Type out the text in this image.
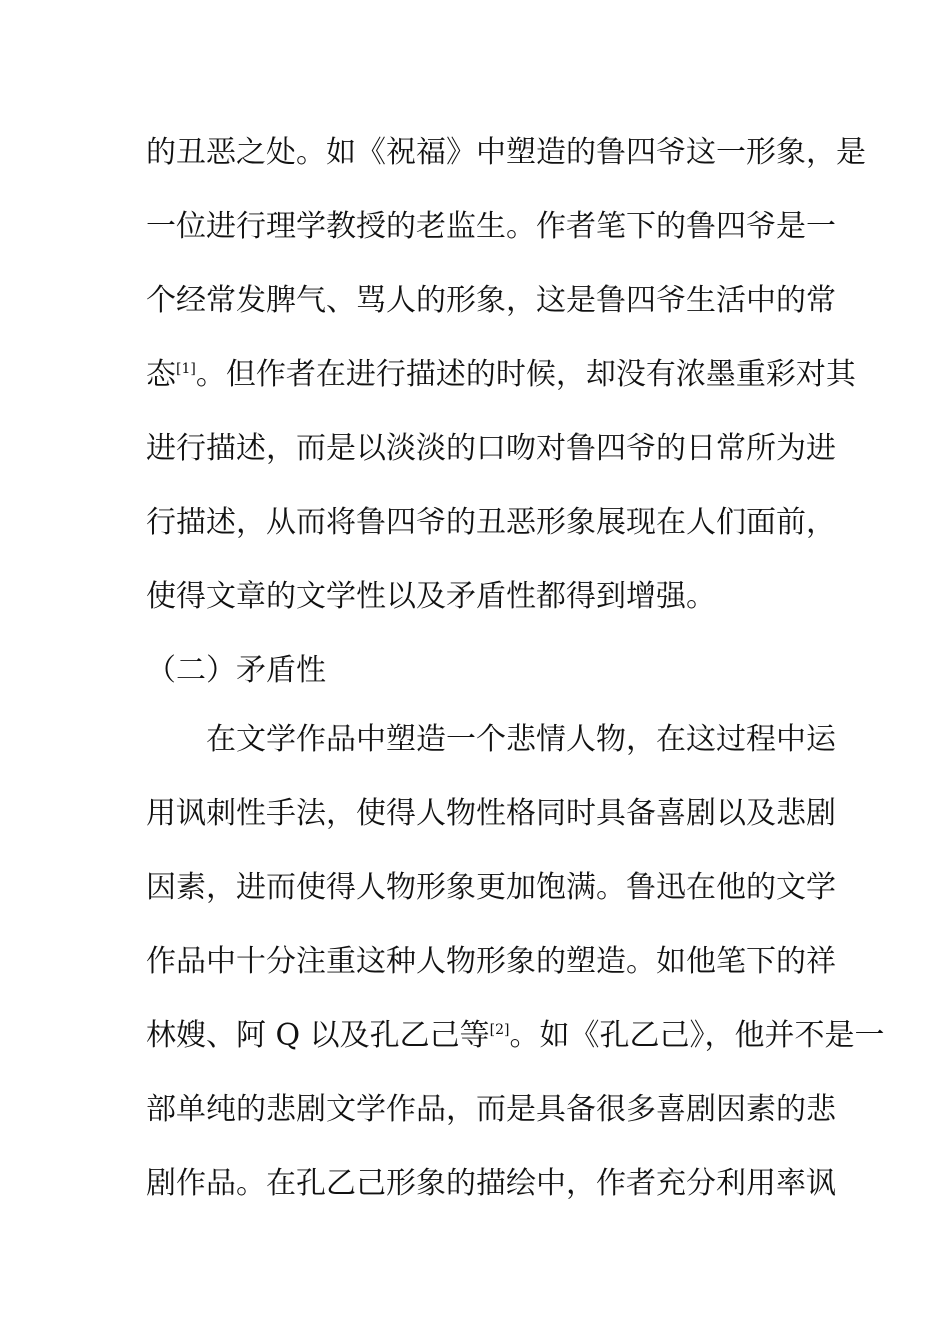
的丑恶之处。如《祝福》中塑造的鲁四爷这一形象，是
一位进行理学教授的老监生。作者笔下的鲁四爷是一
个经常发脾气、骂人的形象，这是鲁四爷生活中的常
态[1]。但作者在进行描述的时候，却没有浓墨重彩对其
进行描述，而是以淡淡的口吻对鲁四爷的日常所为进
行描述，从而将鲁四爷的丑恶形象展现在人们面前，
使得文章的文学性以及矛盾性都得到增强。
（二）矛盾性
在文学作品中塑造一个悲情人物，在这过程中运
用讽刺性手法，使得人物性格同时具备喜剧以及悲剧
因素，进而使得人物形象更加饱满。鲁迅在他的文学
作品中十分注重这种人物形象的塑造。如他笔下的祥
林嫂、阿 Q 以及孔乙己等[2]。如《孔乙己》，他并不是一
部单纯的悲剧文学作品，而是具备很多喜剧因素的悲
剧作品。在孔乙己形象的描绘中，作者充分利用率讽
